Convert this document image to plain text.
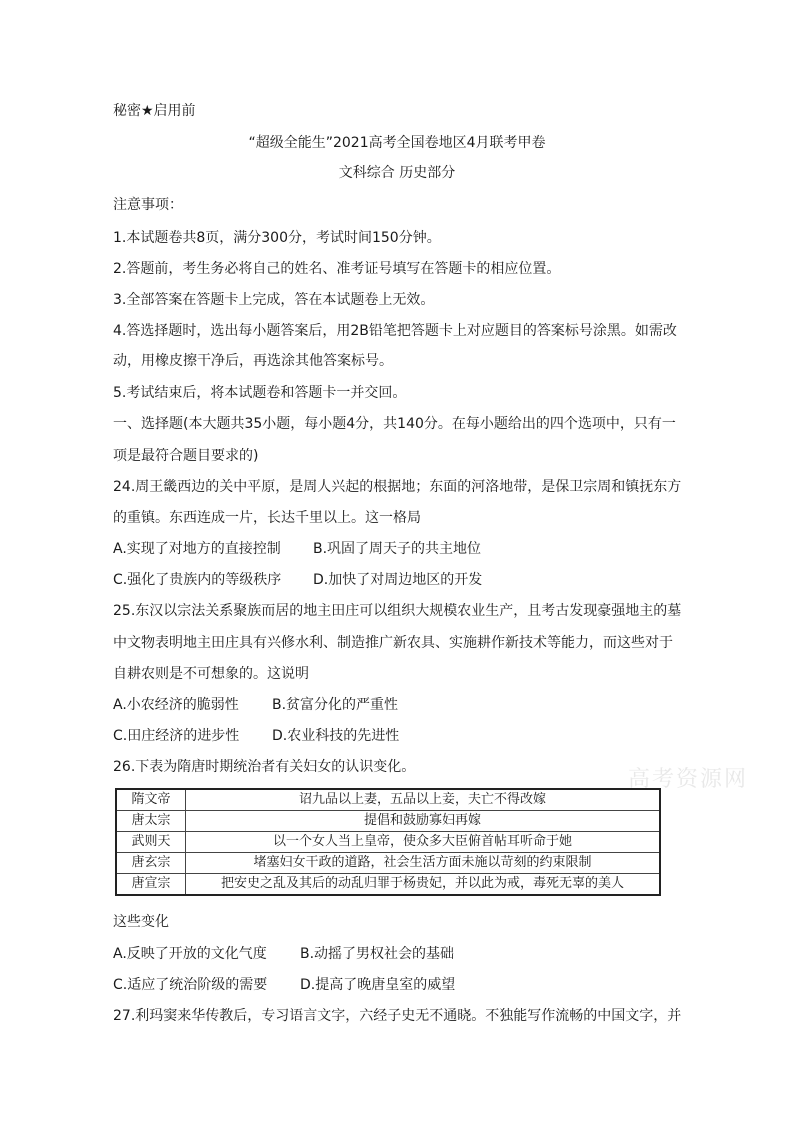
秘密★启用前
“超级全能生”2021高考全国卷地区4月联考甲卷
文科综合 历史部分
注意事项：
1.本试题卷共8页，满分300分，考试时间150分钟。
2.答题前，考生务必将自己的姓名、准考证号填写在答题卡的相应位置。
3.全部答案在答题卡上完成，答在本试题卷上无效。
4.答选择题时，选出每小题答案后，用2B铅笔把答题卡上对应题目的答案标号涂黑。如需改
动，用橡皮擦干净后，再选涂其他答案标号。
5.考试结束后，将本试题卷和答题卡一并交回。
一、选择题(本大题共35小题，每小题4分，共140分。在每小题给出的四个选项中，只有一
项是最符合题目要求的)
24.周王畿西边的关中平原，是周人兴起的根据地；东面的河洛地带，是保卫宗周和镇抚东方
的重镇。东西连成一片，长达千里以上。这一格局
A.实现了对地方的直接控制 B.巩固了周天子的共主地位
C.强化了贵族内的等级秩序 D.加快了对周边地区的开发
25.东汉以宗法关系聚族而居的地主田庄可以组织大规模农业生产，且考古发现豪强地主的墓
中文物表明地主田庄具有兴修水利、制造推广新农具、实施耕作新技术等能力，而这些对于
自耕农则是不可想象的。这说明
A.小农经济的脆弱性 B.贫富分化的严重性
C.田庄经济的进步性 D.农业科技的先进性
26.下表为隋唐时期统治者有关妇女的认识变化。	高考资源网
隋文帝	诏九品以上妻，五品以上妾，夫亡不得改嫁
唐太宗	提倡和鼓励寡妇再嫁
武则天	以一个女人当上皇帝，使众多大臣俯首帖耳听命于她
唐玄宗	堵塞妇女干政的道路，社会生活方面未施以苛刻的约束限制
唐宣宗	把安史之乱及其后的动乱归罪于杨贵妃，并以此为戒，毒死无辜的美人
这些变化
A.反映了开放的文化气度 B.动摇了男权社会的基础
C.适应了统治阶级的需要 D.提高了晚唐皇室的威望
27.利玛窦来华传教后，专习语言文字，六经子史无不通晓。不独能写作流畅的中国文字，并
